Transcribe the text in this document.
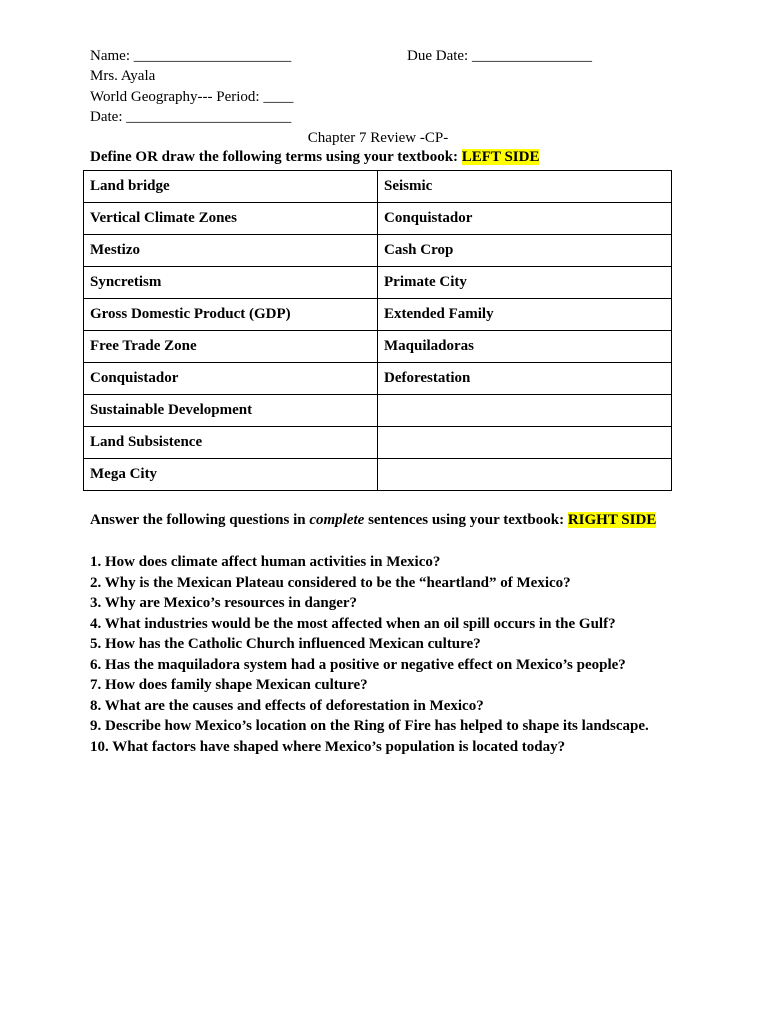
Name: _____________________	Due Date: ________________
Mrs. Ayala
World Geography--- Period: ____
Date: ______________________
Chapter 7 Review -CP-
Define OR draw the following terms using your textbook: LEFT SIDE
Land bridge	Seismic
Vertical Climate Zones	Conquistador
Mestizo	Cash Crop
Syncretism	Primate City
Gross Domestic Product (GDP)	Extended Family
Free Trade Zone	Maquiladoras
Conquistador	Deforestation
Sustainable Development	
Land Subsistence	
Mega City	
Answer the following questions in complete sentences using your textbook: RIGHT SIDE
1. How does climate affect human activities in Mexico?
2. Why is the Mexican Plateau considered to be the “heartland” of Mexico?
3. Why are Mexico’s resources in danger?
4. What industries would be the most affected when an oil spill occurs in the Gulf?
5. How has the Catholic Church influenced Mexican culture?
6. Has the maquiladora system had a positive or negative effect on Mexico’s people?
7. How does family shape Mexican culture?
8. What are the causes and effects of deforestation in Mexico?
9. Describe how Mexico’s location on the Ring of Fire has helped to shape its landscape.
10. What factors have shaped where Mexico’s population is located today?
